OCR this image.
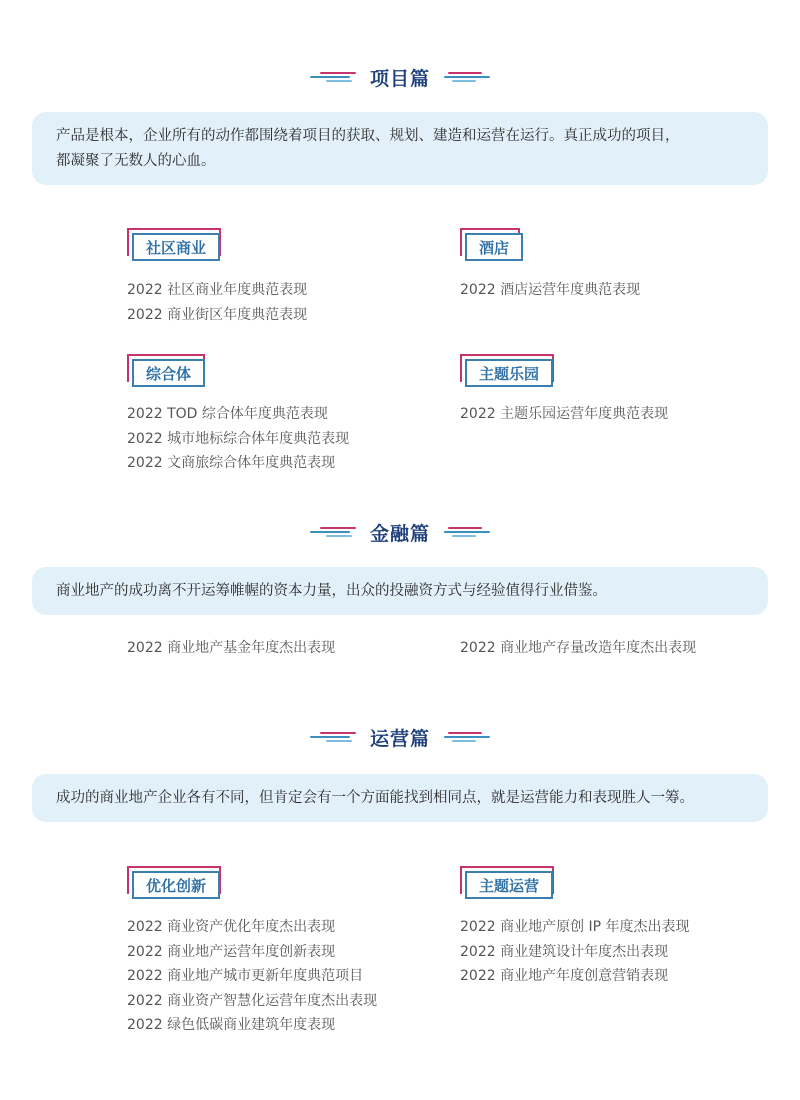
项目篇

产品是根本，企业所有的动作都围绕着项目的获取、规划、建造和运营在运行。真正成功的项目，

都凝聚了无数人的心血。

社区商业
2022 社区商业年度典范表现
2022 商业街区年度典范表现
酒店
2022 酒店运营年度典范表现
综合体
2022 TOD 综合体年度典范表现
2022 城市地标综合体年度典范表现
2022 文商旅综合体年度典范表现
主题乐园
2022 主题乐园运营年度典范表现
金融篇

商业地产的成功离不开运筹帷幄的资本力量，出众的投融资方式与经验值得行业借鉴。

2022 商业地产基金年度杰出表现	2022 商业地产存量改造年度杰出表现
运营篇

成功的商业地产企业各有不同，但肯定会有一个方面能找到相同点，就是运营能力和表现胜人一筹。

优化创新
2022 商业资产优化年度杰出表现
2022 商业地产运营年度创新表现
2022 商业地产城市更新年度典范项目
2022 商业资产智慧化运营年度杰出表现
2022 绿色低碳商业建筑年度表现
主题运营
2022 商业地产原创 IP 年度杰出表现
2022 商业建筑设计年度杰出表现
2022 商业地产年度创意营销表现
